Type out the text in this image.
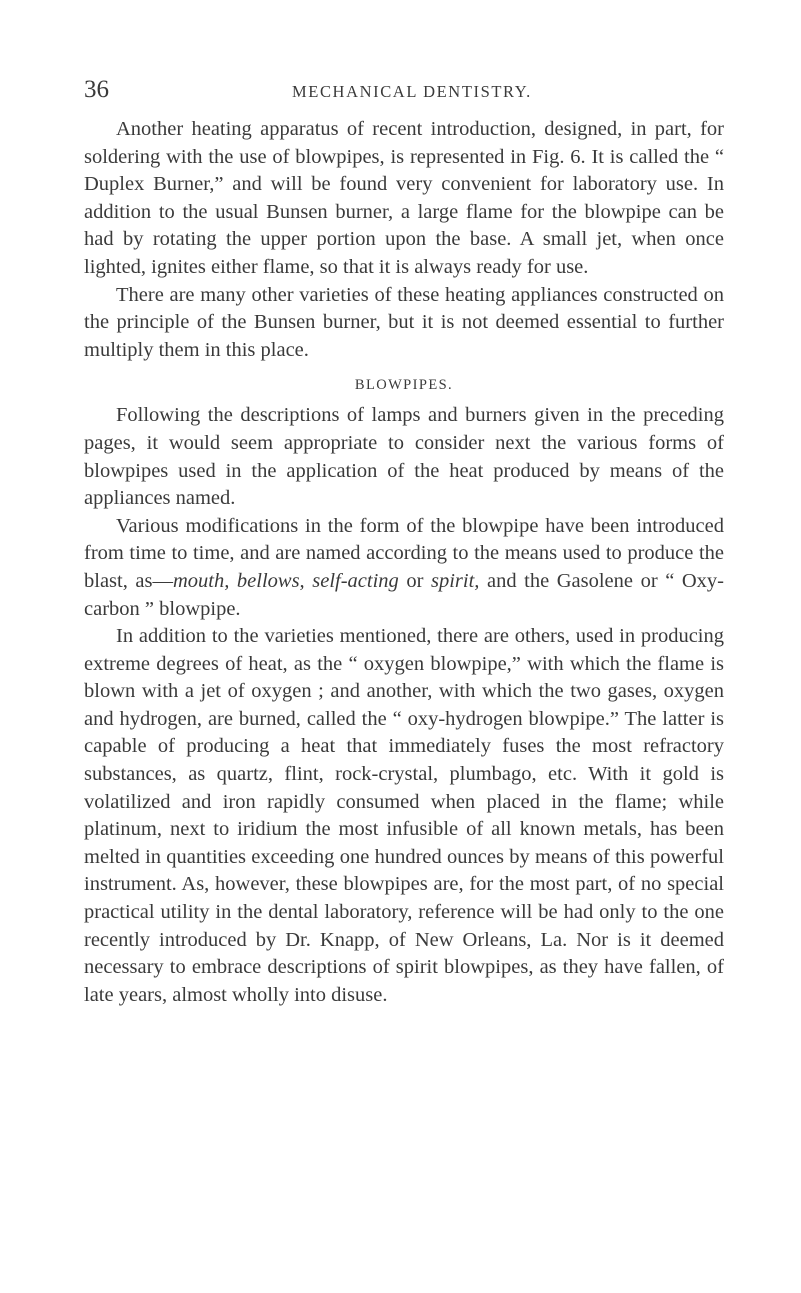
36	MECHANICAL DENTISTRY.

Another heating apparatus of recent introduction, designed, in part, for soldering with the use of blowpipes, is represented in Fig. 6. It is called the “ Duplex Burner,” and will be found very convenient for laboratory use. In addition to the usual Bunsen burner, a large flame for the blowpipe can be had by rotating the upper portion upon the base. A small jet, when once lighted, ignites either flame, so that it is always ready for use.

There are many other varieties of these heating appliances constructed on the principle of the Bunsen burner, but it is not deemed essential to further multiply them in this place.

BLOWPIPES.

Following the descriptions of lamps and burners given in the preceding pages, it would seem appropriate to consider next the various forms of blowpipes used in the application of the heat produced by means of the appliances named.

Various modifications in the form of the blowpipe have been introduced from time to time, and are named according to the means used to produce the blast, as—mouth, bellows, self-acting or spirit, and the Gasolene or “ Oxy-carbon ” blowpipe.

In addition to the varieties mentioned, there are others, used in producing extreme degrees of heat, as the “ oxygen blowpipe,” with which the flame is blown with a jet of oxygen ; and another, with which the two gases, oxygen and hydrogen, are burned, called the “ oxy-hydrogen blowpipe.” The latter is capable of producing a heat that immediately fuses the most refractory substances, as quartz, flint, rock-crystal, plumbago, etc. With it gold is volatilized and iron rapidly consumed when placed in the flame; while platinum, next to iridium the most infusible of all known metals, has been melted in quantities exceeding one hundred ounces by means of this powerful instrument. As, however, these blowpipes are, for the most part, of no special practical utility in the dental laboratory, reference will be had only to the one recently introduced by Dr. Knapp, of New Orleans, La. Nor is it deemed necessary to embrace descriptions of spirit blowpipes, as they have fallen, of late years, almost wholly into disuse.
